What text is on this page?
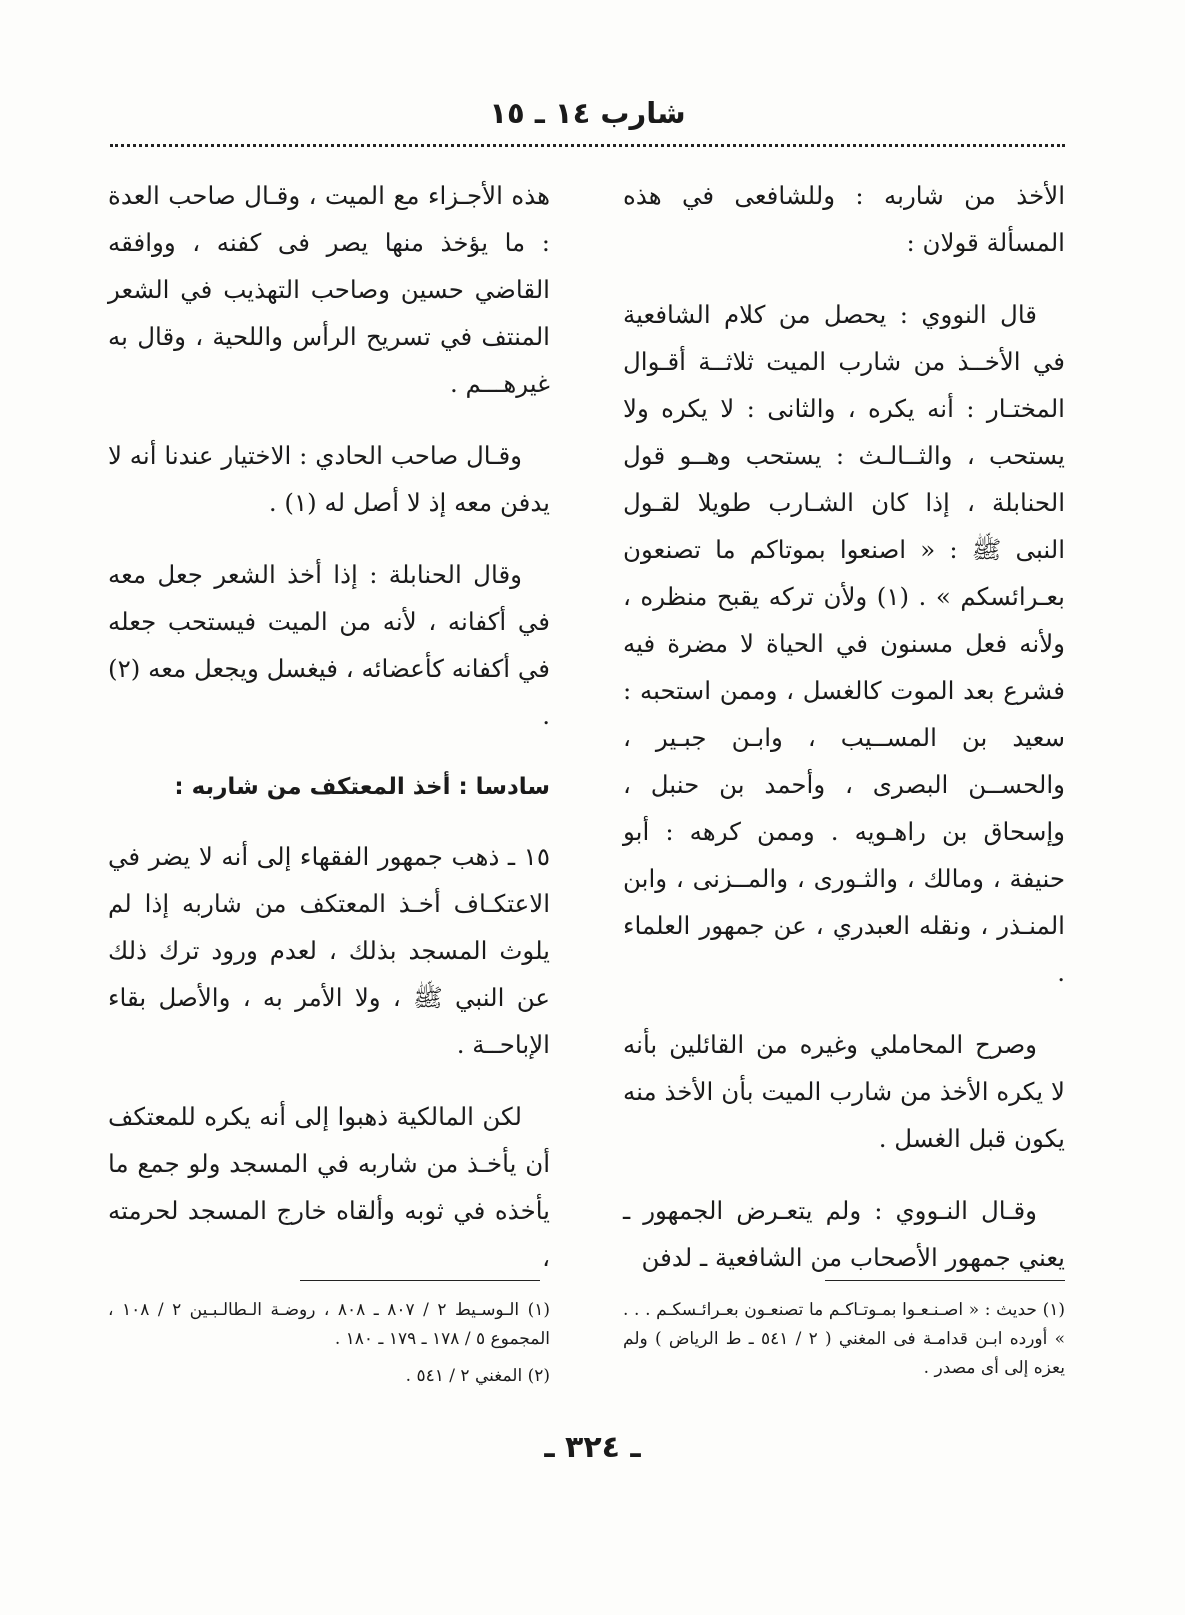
شارب ١٤ ـ ١٥

الأخذ من شاربه : وللشافعى في هذه المسألة قولان :

قال النووي : يحصل من كلام الشافعية في الأخــذ من شارب الميت ثلاثــة أقـوال المختـار : أنه يكره ، والثانى : لا يكره ولا يستحب ، والثــالـث : يستحب وهــو قول الحنابلة ، إذا كان الشـارب طويلا لقـول النبى ﷺ : « اصنعوا بموتاكم ما تصنعون بعـرائسكم » . (١) ولأن تركه يقبح منظره ، ولأنه فعل مسنون في الحياة لا مضرة فيه فشرع بعد الموت كالغسل ، وممن استحبه : سعيد بن المســيب ، وابـن جبـير ، والحســن البصرى ، وأحمد بن حنبل ، وإسحاق بن راهـويه . وممن كرهه : أبو حنيفة ، ومالك ، والثـورى ، والمــزنى ، وابن المنـذر ، ونقله العبدري ، عن جمهور العلماء .

وصرح المحاملي وغيره من القائلين بأنه لا يكره الأخذ من شارب الميت بأن الأخذ منه يكون قبل الغسل .

وقـال النـووي : ولم يتعـرض الجمهور ـ يعني جمهور الأصحاب من الشافعية ـ لدفن

هذه الأجـزاء مع الميت ، وقـال صاحب العدة : ما يؤخذ منها يصر فى كفنه ، ووافقه القاضي حسين وصاحب التهذيب في الشعر المنتف في تسريح الرأس واللحية ، وقال به غيرهـــم .

وقـال صاحب الحادي : الاختيار عندنا أنه لا يدفن معه إذ لا أصل له (١) .

وقال الحنابلة : إذا أخذ الشعر جعل معه في أكفانه ، لأنه من الميت فيستحب جعله في أكفانه كأعضائه ، فيغسل ويجعل معه (٢) .

سادسا : أخذ المعتكف من شاربه :

١٥ ـ ذهب جمهور الفقهاء إلى أنه لا يضر في الاعتكـاف أخـذ المعتكف من شاربه إذا لم يلوث المسجد بذلك ، لعدم ورود ترك ذلك عن النبي ﷺ ، ولا الأمر به ، والأصل بقاء الإباحــة .

لكن المالكية ذهبوا إلى أنه يكره للمعتكف أن يأخـذ من شاربه في المسجد ولو جمع ما يأخذه في ثوبه وألقاه خارج المسجد لحرمته ،

(١) حديث : « اصـنـعـوا بمـوتـاكـم ما تصنعـون بعـرائـسكـم . . . » أورده ابـن قدامـة فى المغني ( ٢ / ٥٤١ ـ ط الرياض ) ولم يعزه إلى أى مصدر .

(١) الـوسـيط ٢ / ٨٠٧ ـ ٨٠٨ ، روضـة الـطالـبـين ٢ / ١٠٨ ، المجموع ٥ / ١٧٨ ـ ١٧٩ ـ ١٨٠ .

(٢) المغني ٢ / ٥٤١ .

ـ ٣٢٤ ـ
